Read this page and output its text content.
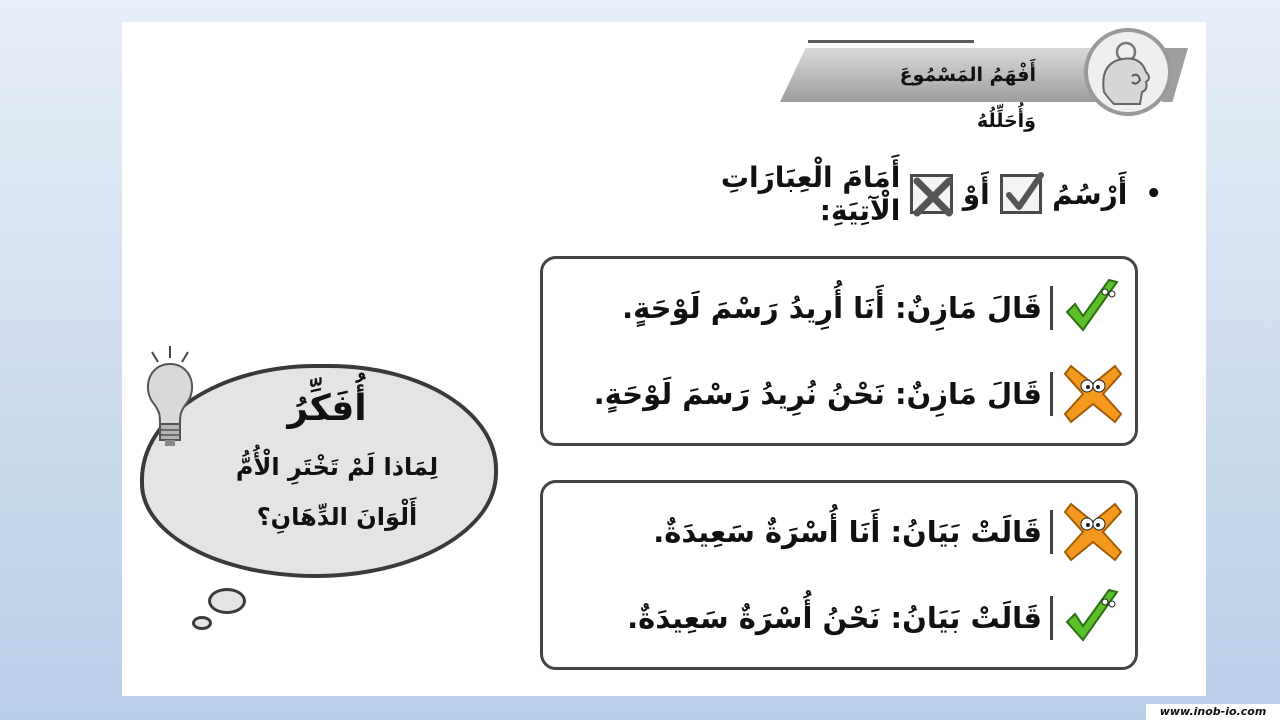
أَفْهَمُ المَسْمُوعَ وَأُحَلِّلُهُ
•
أَرْسُمُ
أَوْ
أَمَامَ الْعِبَارَاتِ الْآتِيَةِ:
قَالَ مَازِنٌ: أَنَا أُرِيدُ رَسْمَ لَوْحَةٍ.
قَالَ مَازِنٌ: نَحْنُ نُرِيدُ رَسْمَ لَوْحَةٍ.
قَالَتْ بَيَانُ: أَنَا أُسْرَةٌ سَعِيدَةٌ.
قَالَتْ بَيَانُ: نَحْنُ أُسْرَةٌ سَعِيدَةٌ.
أُفَكِّرُ
لِمَاذا لَمْ تَخْتَرِ الْأُمُّ
أَلْوَانَ الدِّهَانِ؟
www.inob-io.com
